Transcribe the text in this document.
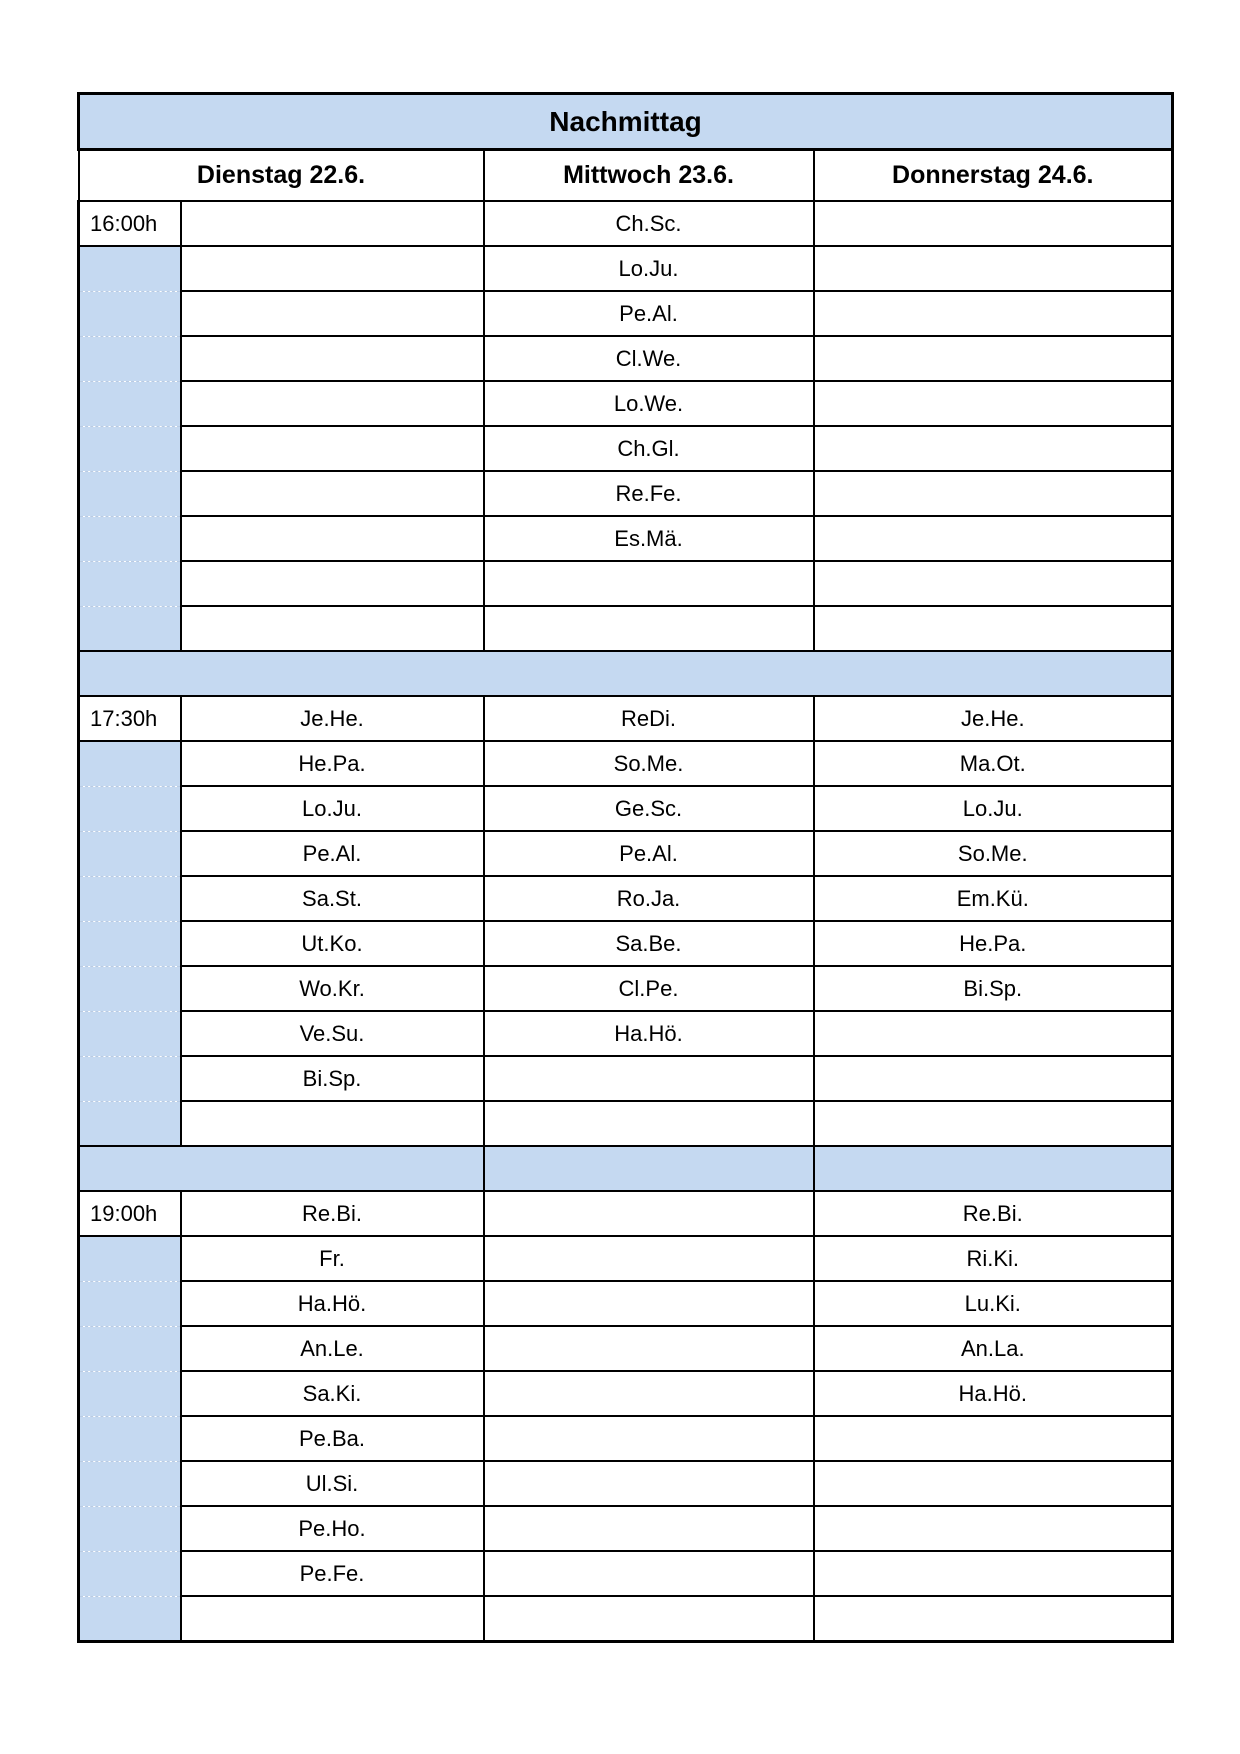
Nachmittag			
Dienstag 22.6.		Mittwoch 23.6.	Donnerstag 24.6.
16:00h		Ch.Sc.	
		Lo.Ju.	
		Pe.Al.	
		Cl.We.	
		Lo.We.	
		Ch.Gl.	
		Re.Fe.	
		Es.Mä.	

17:30h	Je.He.	ReDi.	Je.He.
	He.Pa.	So.Me.	Ma.Ot.
	Lo.Ju.	Ge.Sc.	Lo.Ju.
	Pe.Al.	Pe.Al.	So.Me.
	Sa.St.	Ro.Ja.	Em.Kü.
	Ut.Ko.	Sa.Be.	He.Pa.
	Wo.Kr.	Cl.Pe.	Bi.Sp.
	Ve.Su.	Ha.Hö.	
	Bi.Sp.		

19:00h	Re.Bi.		Re.Bi.
	Fr.		Ri.Ki.
	Ha.Hö.		Lu.Ki.
	An.Le.		An.La.
	Sa.Ki.		Ha.Hö.
	Pe.Ba.		
	Ul.Si.		
	Pe.Ho.		
	Pe.Fe.		
